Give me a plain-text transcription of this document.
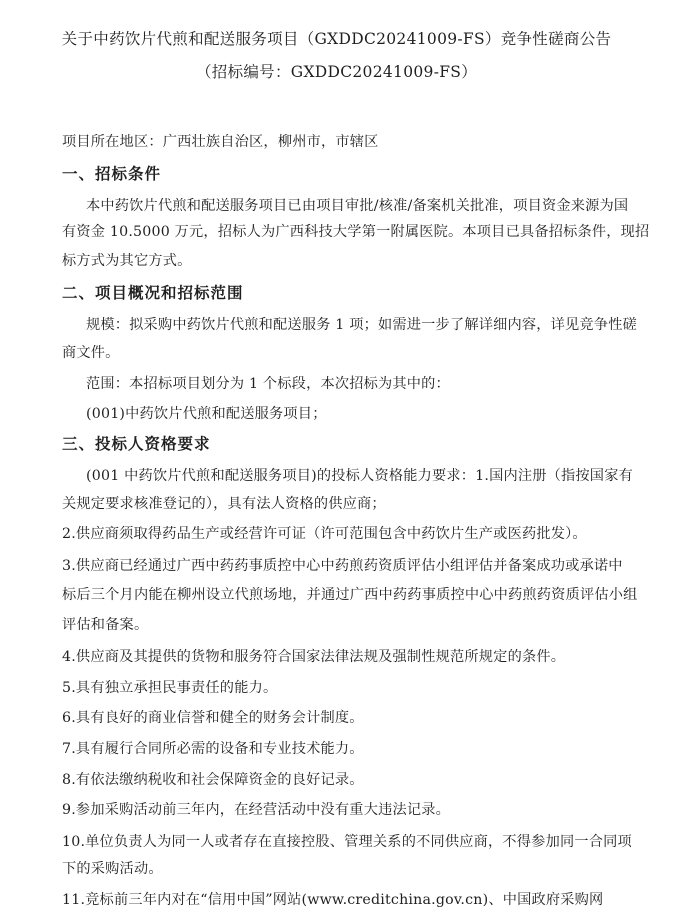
关于中药饮片代煎和配送服务项目（GXDDC20241009-FS）竞争性磋商公告
（招标编号：GXDDC20241009-FS）
项目所在地区：广西壮族自治区，柳州市，市辖区
一、招标条件
本中药饮片代煎和配送服务项目已由项目审批/核准/备案机关批准，项目资金来源为国
有资金 10.5000 万元，招标人为广西科技大学第一附属医院。本项目已具备招标条件，现招
标方式为其它方式。
二、项目概况和招标范围
规模：拟采购中药饮片代煎和配送服务 1 项；如需进一步了解详细内容，详见竞争性磋
商文件。
范围：本招标项目划分为 1 个标段，本次招标为其中的：
(001)中药饮片代煎和配送服务项目；
三、投标人资格要求
(001 中药饮片代煎和配送服务项目)的投标人资格能力要求：1.国内注册（指按国家有
关规定要求核准登记的），具有法人资格的供应商；
2.供应商须取得药品生产或经营许可证（许可范围包含中药饮片生产或医药批发）。
3.供应商已经通过广西中药药事质控中心中药煎药资质评估小组评估并备案成功或承诺中
标后三个月内能在柳州设立代煎场地，并通过广西中药药事质控中心中药煎药资质评估小组
评估和备案。
4.供应商及其提供的货物和服务符合国家法律法规及强制性规范所规定的条件。
5.具有独立承担民事责任的能力。
6.具有良好的商业信誉和健全的财务会计制度。
7.具有履行合同所必需的设备和专业技术能力。
8.有依法缴纳税收和社会保障资金的良好记录。
9.参加采购活动前三年内，在经营活动中没有重大违法记录。
10.单位负责人为同一人或者存在直接控股、管理关系的不同供应商，不得参加同一合同项
下的采购活动。
11.竞标前三年内对在“信用中国”网站(www.creditchina.gov.cn)、中国政府采购网
